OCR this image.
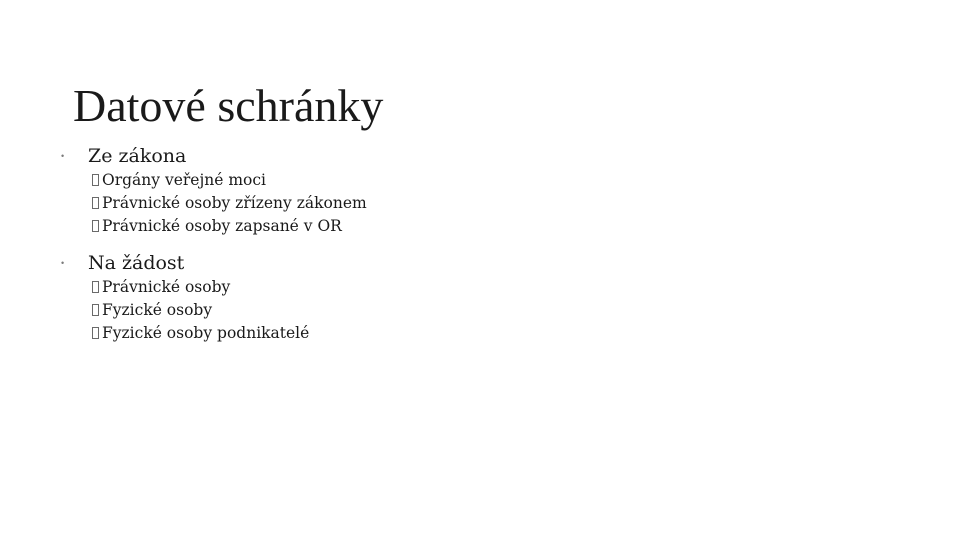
Datové schránky
•	Ze zákona
Orgány veřejné moci
Právnické osoby zřízeny zákonem
Právnické osoby zapsané v OR
•	Na žádost
Právnické osoby
Fyzické osoby
Fyzické osoby podnikatelé
